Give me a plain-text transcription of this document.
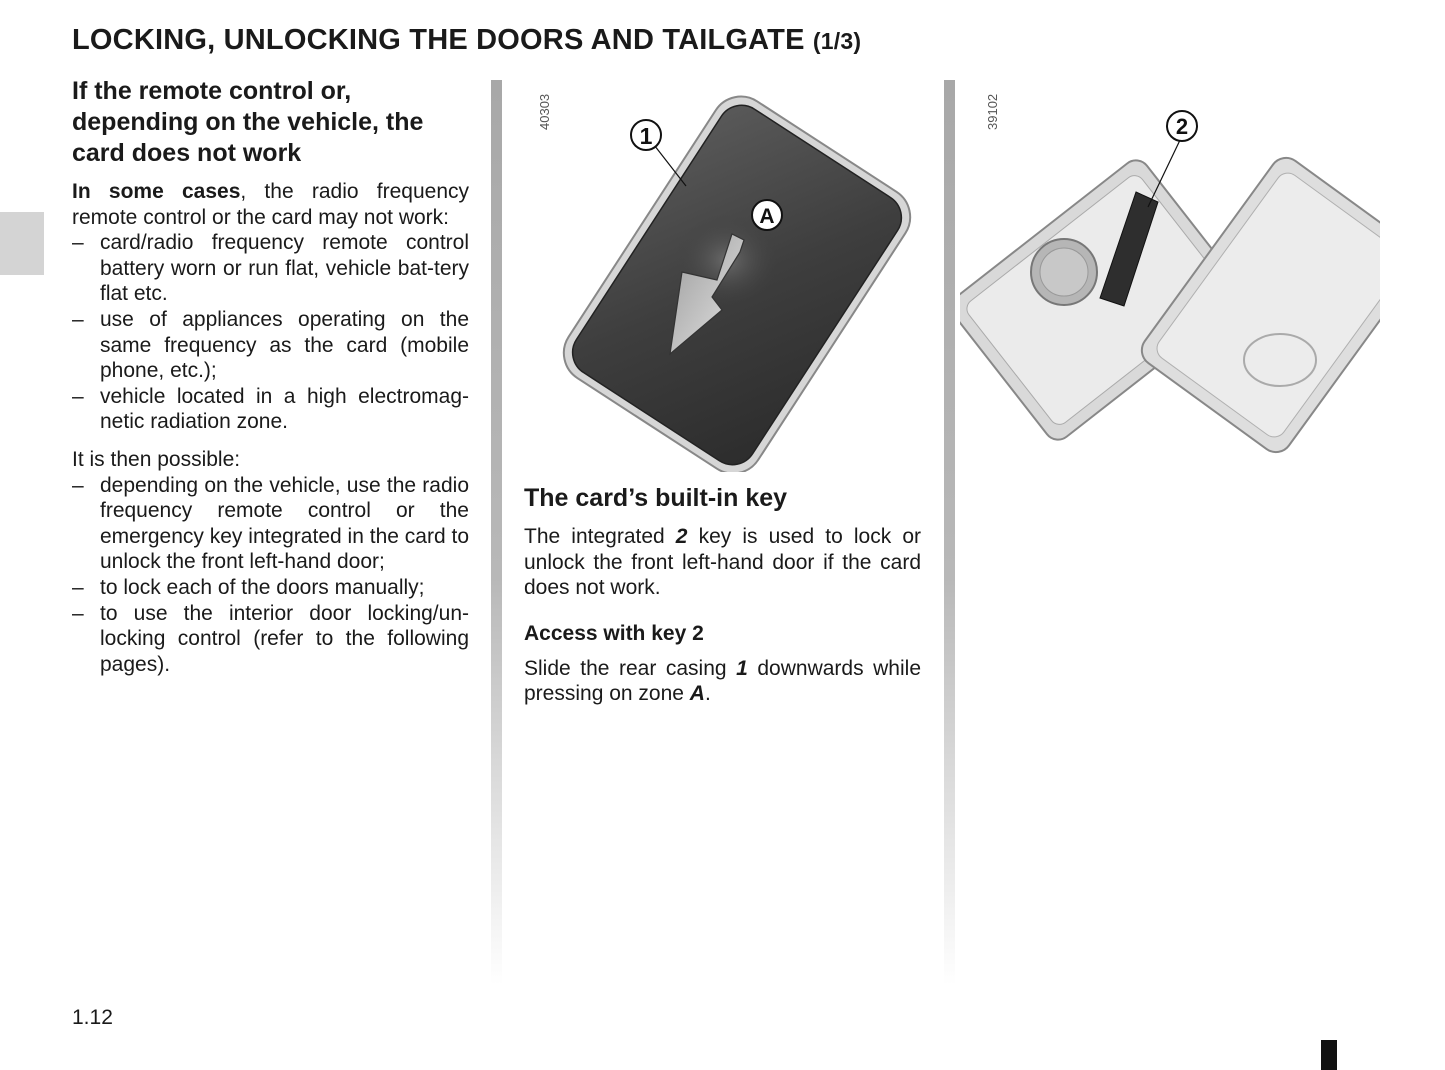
LOCKING, UNLOCKING THE DOORS AND TAILGATE (1/3)
If the remote control or, depending on the vehicle, the card does not work

In some cases, the radio frequency remote control or the card may not work:

– card/radio frequency remote control battery worn or run flat, vehicle bat-tery flat etc.
– use of appliances operating on the same frequency as the card (mobile phone, etc.);
– vehicle located in a high electromag-netic radiation zone.

It is then possible:

– depending on the vehicle, use the radio frequency remote control or the emergency key integrated in the card to unlock the front left-hand door;
– to lock each of the doors manually;
– to use the interior door locking/un-locking control (refer to the following pages).
40303
1
A
39102	2
The card’s built-in key

The integrated 2 key is used to lock or unlock the front left-hand door if the card does not work.

Access with key 2

Slide the rear casing 1 downwards while pressing on zone A.

1.12
